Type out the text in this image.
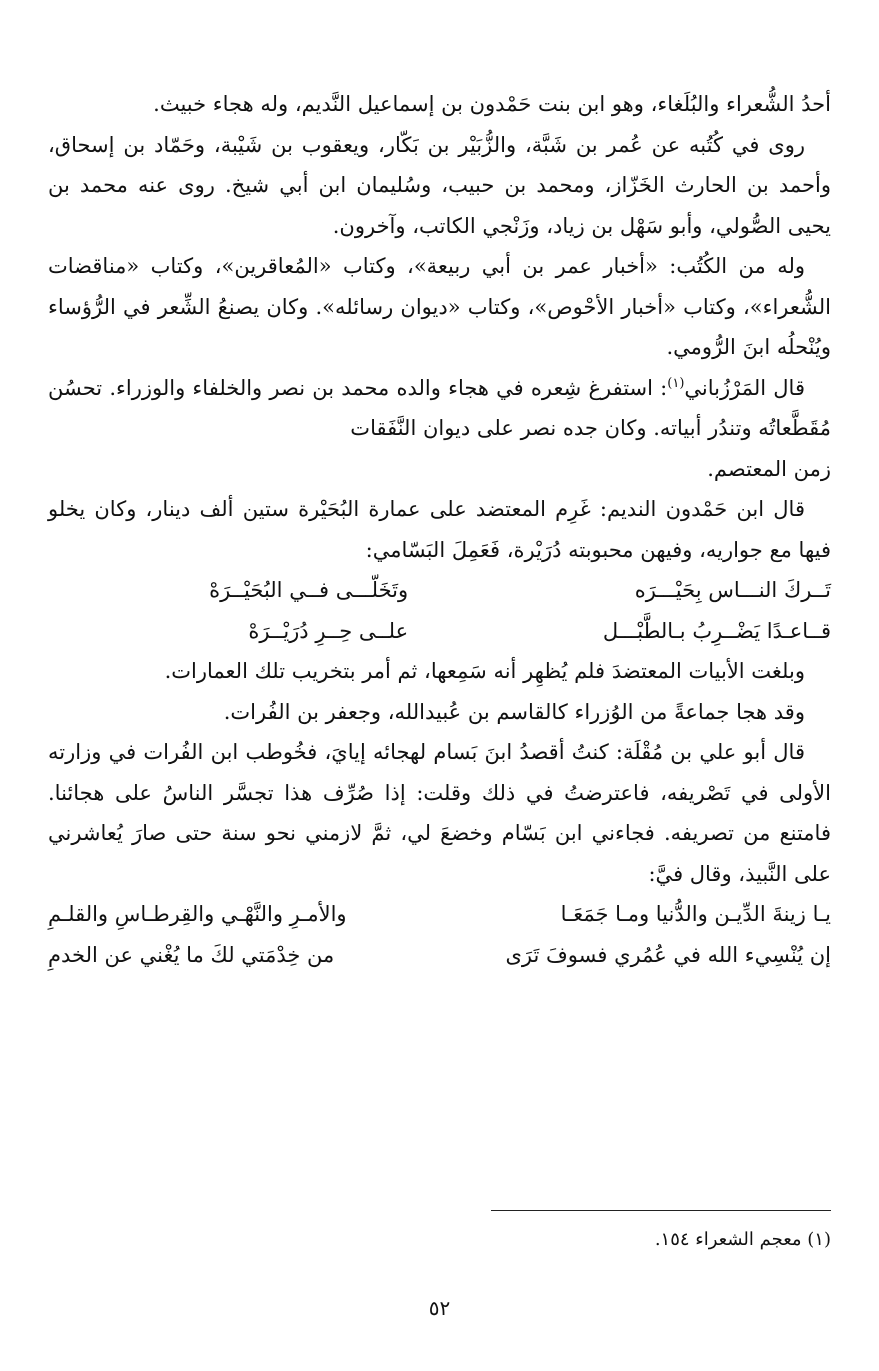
أحدُ الشُّعراء والبُلَغاء، وهو ابن بنت حَمْدون بن إسماعيل النَّديم، وله هجاء خبيث.

روى في كُتُبه عن عُمر بن شَبَّة، والزُّبَيْر بن بَكّار، ويعقوب بن شَيْبة، وحَمّاد بن إسحاق، وأحمد بن الحارث الخَزّاز، ومحمد بن حبيب، وسُليمان ابن أبي شيخ. روى عنه محمد بن يحيى الصُّولي، وأبو سَهْل بن زياد، وزَنْجي الكاتب، وآخرون.

وله من الكُتُب: «أخبار عمر بن أبي ربيعة»، وكتاب «المُعاقرين»، وكتاب «مناقضات الشُّعراء»، وكتاب «أخبار الأحْوص»، وكتاب «ديوان رسائله». وكان يصنعُ الشِّعر في الرُّؤساء ويُنْحلُه ابنَ الرُّومي.

قال المَرْزُباني$^{(١)}$: استفرغ شِعره في هجاء والده محمد بن نصر والخلفاء والوزراء. تحسُن مُقَطَّعاتُه وتندُر أبياته. وكان جده نصر على ديوان النَّفَقات

زمن المعتصم.

قال ابن حَمْدون النديم: غَرِم المعتضد على عمارة البُحَيْرة ستين ألف دينار، وكان يخلو فيها مع جواريه، وفيهن محبوبته دُرَيْرة، فَعَمِلَ البَسّامي:

تَــركَ النـــاس بِحَيْـــرَه
وتَخَلّـــى فــي البُحَيْــرَهْ
قــاعـدًا يَضْــرِبُ بـالطَّبْـــل
علــى حِــرِ دُرَيْــرَهْ

وبلغت الأبيات المعتضدَ فلم يُظهِر أنه سَمِعها، ثم أمر بتخريب تلك العمارات.

وقد هجا جماعةً من الوُزراء كالقاسم بن عُبيدالله، وجعفر بن الفُرات.

قال أبو علي بن مُقْلَة: كنتُ أقصدُ ابنَ بَسام لهجائه إيايَ، فخُوطب ابن الفُرات في وزارته الأولى في تَصْريفه، فاعترضتُ في ذلك وقلت: إذا صُرِّف هذا تجسَّر الناسُ على هجائنا. فامتنع من تصريفه. فجاءني ابن بَسّام وخضعَ لي، ثمَّ لازمني نحو سنة حتى صارَ يُعاشرني على النَّبيذ، وقال فيَّ:

يـا زينةَ الدِّيـن والدُّنيا ومـا جَمَعَـا
والأمـرِ والنَّهْـي والقِرطـاسِ والقلـمِ
إن يُنْسِيء الله في عُمُري فسوفَ تَرَى
من خِدْمَتي لكَ ما يُغْني عن الخدمِ
(١) معجم الشعراء ١٥٤.
٥٢
